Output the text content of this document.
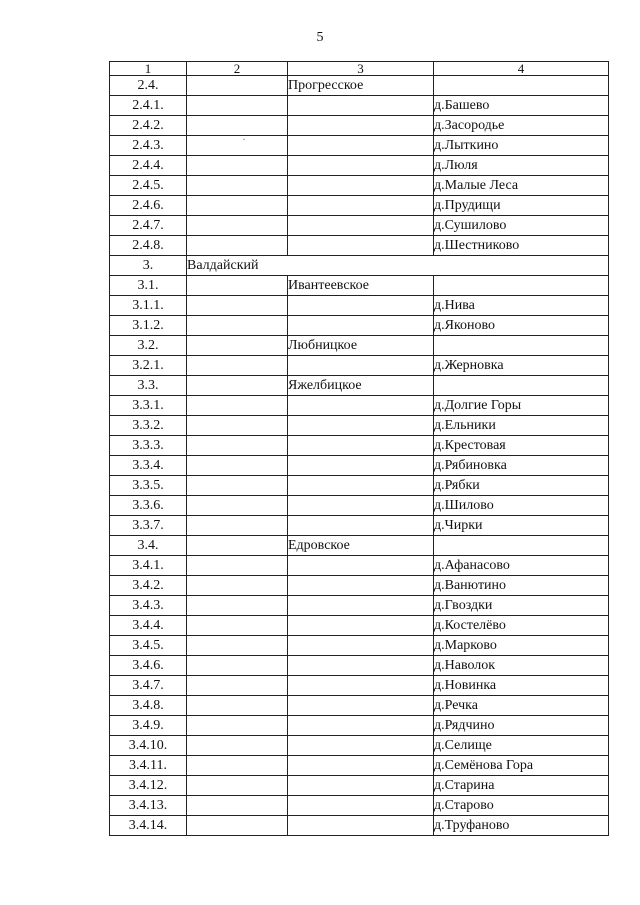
5
1	2	3	4
2.4.		Прогресское	
2.4.1.			д.Башево
2.4.2.			д.Засородье
2.4.3.	·		д.Лыткино
2.4.4.			д.Люля
2.4.5.			д.Малые Леса
2.4.6.			д.Прудищи
2.4.7.			д.Сушилово
2.4.8.			д.Шестниково
3.	Валдайский		
3.1.		Ивантеевское	
3.1.1.			д.Нива
3.1.2.			д.Яконово
3.2.		Любницкое	
3.2.1.			д.Жерновка
3.3.		Яжелбицкое	
3.3.1.			д.Долгие Горы
3.3.2.			д.Ельники
3.3.3.			д.Крестовая
3.3.4.			д.Рябиновка
3.3.5.			д.Рябки
3.3.6.			д.Шилово
3.3.7.			д.Чирки
3.4.		Едровское	
3.4.1.			д.Афанасово
3.4.2.			д.Ванютино
3.4.3.			д.Гвоздки
3.4.4.			д.Костелёво
3.4.5.			д.Марково
3.4.6.			д.Наволок
3.4.7.			д.Новинка
3.4.8.			д.Речка
3.4.9.			д.Рядчино
3.4.10.			д.Селище
3.4.11.			д.Семёнова Гора
3.4.12.			д.Старина
3.4.13.			д.Старово
3.4.14.			д.Труфаново
